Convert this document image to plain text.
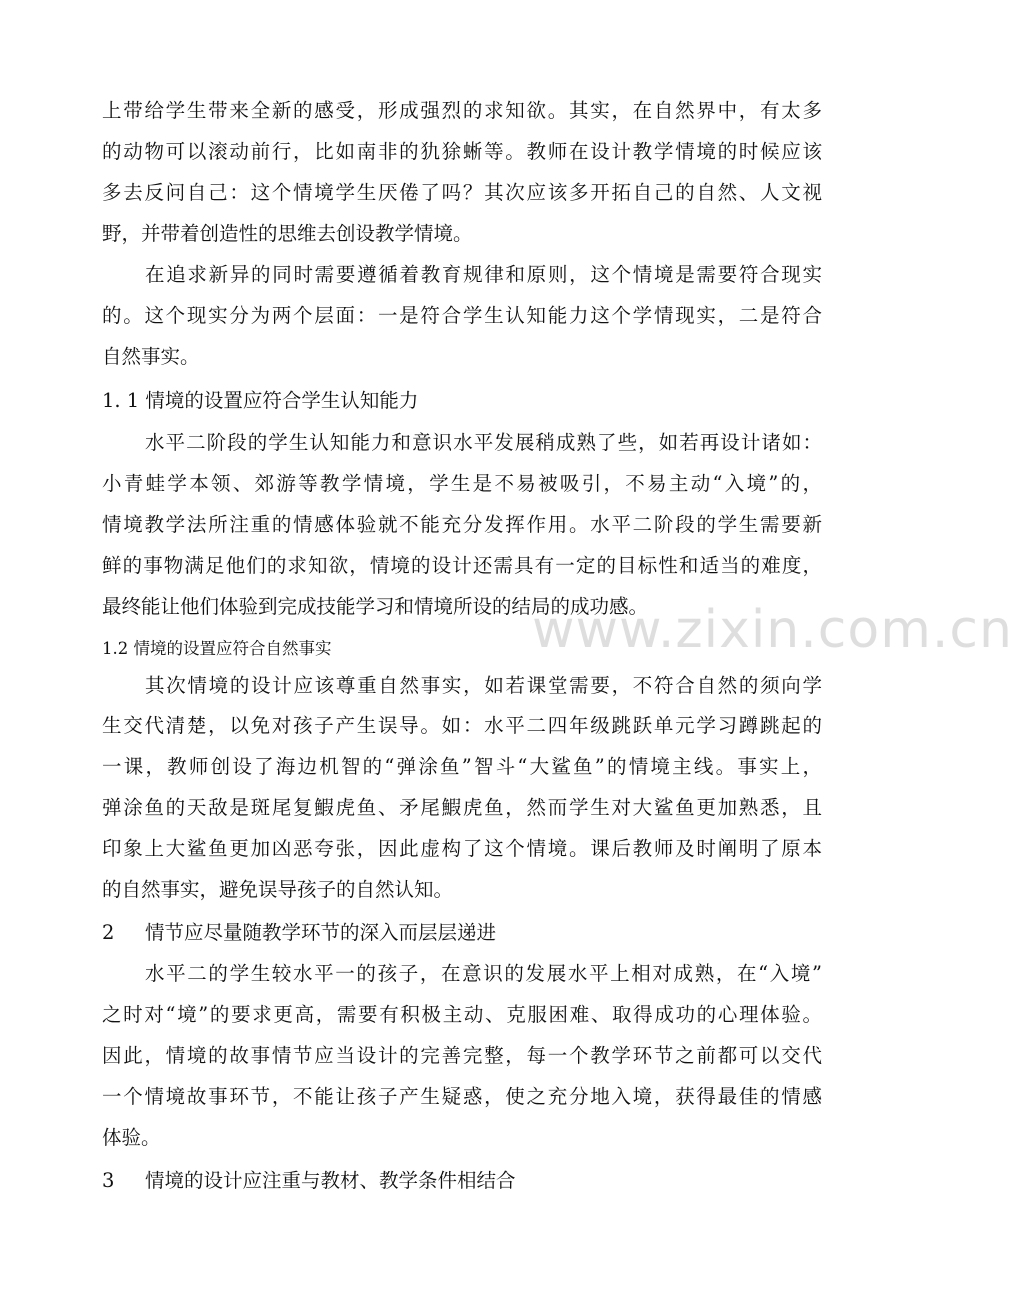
上带给学生带来全新的感受，形成强烈的求知欲。其实，在自然界中，有太多
的动物可以滚动前行，比如南非的犰狳蜥等。教师在设计教学情境的时候应该
多去反问自己：这个情境学生厌倦了吗？其次应该多开拓自己的自然、人文视
野，并带着创造性的思维去创设教学情境。
在追求新异的同时需要遵循着教育规律和原则，这个情境是需要符合现实
的。这个现实分为两个层面：一是符合学生认知能力这个学情现实，二是符合
自然事实。
1. 1 情境的设置应符合学生认知能力
水平二阶段的学生认知能力和意识水平发展稍成熟了些，如若再设计诸如：
小青蛙学本领、郊游等教学情境，学生是不易被吸引，不易主动“入境”的，
情境教学法所注重的情感体验就不能充分发挥作用。水平二阶段的学生需要新
鲜的事物满足他们的求知欲，情境的设计还需具有一定的目标性和适当的难度，
最终能让他们体验到完成技能学习和情境所设的结局的成功感。
1.2 情境的设置应符合自然事实
其次情境的设计应该尊重自然事实，如若课堂需要，不符合自然的须向学
生交代清楚，以免对孩子产生误导。如：水平二四年级跳跃单元学习蹲跳起的
一课，教师创设了海边机智的“弹涂鱼”智斗“大鲨鱼”的情境主线。事实上，
弹涂鱼的天敌是斑尾复鰕虎鱼、矛尾鰕虎鱼，然而学生对大鲨鱼更加熟悉，且
印象上大鲨鱼更加凶恶夸张，因此虚构了这个情境。课后教师及时阐明了原本
的自然事实，避免误导孩子的自然认知。
2 情节应尽量随教学环节的深入而层层递进
水平二的学生较水平一的孩子，在意识的发展水平上相对成熟，在“入境”
之时对“境”的要求更高，需要有积极主动、克服困难、取得成功的心理体验。
因此，情境的故事情节应当设计的完善完整，每一个教学环节之前都可以交代
一个情境故事环节，不能让孩子产生疑惑，使之充分地入境，获得最佳的情感
体验。
3 情境的设计应注重与教材、教学条件相结合
www.zixin.com.cn
